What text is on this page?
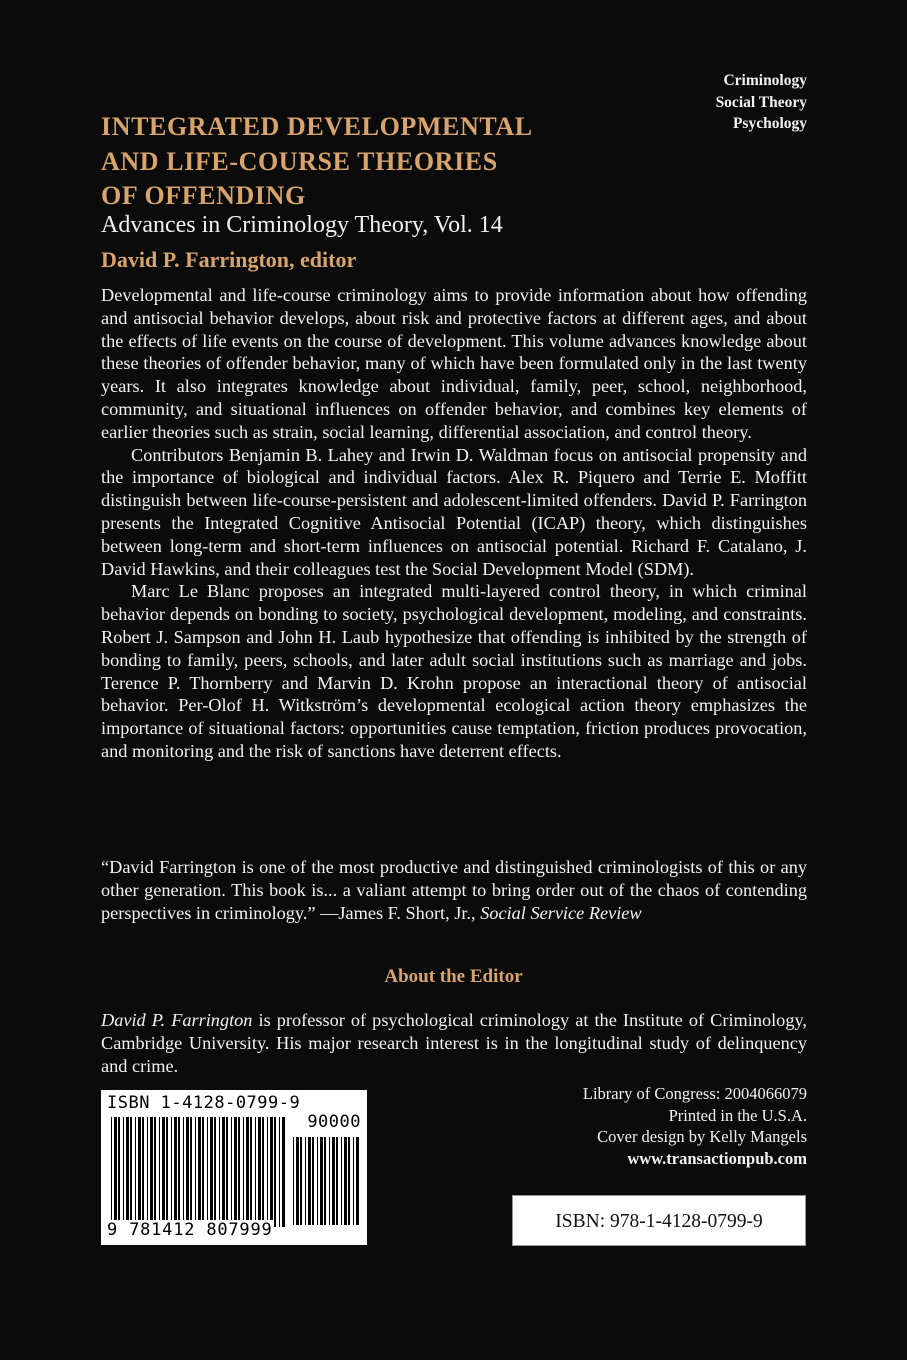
Criminology
Social Theory
Psychology
INTEGRATED DEVELOPMENTAL
AND LIFE-COURSE THEORIES
OF OFFENDING
Advances in Criminology Theory, Vol. 14
David P. Farrington, editor

Developmental and life-course criminology aims to provide information about how offending and antisocial behavior develops, about risk and protective factors at different ages, and about the effects of life events on the course of development. This volume advances knowledge about these theories of offender behavior, many of which have been formulated only in the last twenty years. It also integrates knowledge about individual, family, peer, school, neighborhood, community, and situational influences on offender behavior, and combines key elements of earlier theories such as strain, social learning, differential association, and control theory.

Contributors Benjamin B. Lahey and Irwin D. Waldman focus on antisocial propensity and the importance of biological and individual factors. Alex R. Piquero and Terrie E. Moffitt distinguish between life-course-persistent and adolescent-limited offenders. David P. Farrington presents the Integrated Cognitive Antisocial Potential (ICAP) theory, which distinguishes between long-term and short-term influences on antisocial potential. Richard F. Catalano, J. David Hawkins, and their colleagues test the Social Development Model (SDM).

Marc Le Blanc proposes an integrated multi-layered control theory, in which criminal behavior depends on bonding to society, psychological development, modeling, and constraints. Robert J. Sampson and John H. Laub hypothesize that offending is inhibited by the strength of bonding to family, peers, schools, and later adult social institutions such as marriage and jobs. Terence P. Thornberry and Marvin D. Krohn propose an interactional theory of antisocial behavior. Per-Olof H. Witkström’s developmental ecological action theory emphasizes the importance of situational factors: opportunities cause temptation, friction produces provocation, and monitoring and the risk of sanctions have deterrent effects.

“David Farrington is one of the most productive and distinguished criminologists of this or any other generation. This book is... a valiant attempt to bring order out of the chaos of contending perspectives in criminology.” —James F. Short, Jr., Social Service Review

About the Editor

David P. Farrington is professor of psychological criminology at the Institute of Criminology, Cambridge University. His major research interest is in the longitudinal study of delinquency and crime.

Library of Congress: 2004066079
Printed in the U.S.A.
Cover design by Kelly Mangels
www.transactionpub.com
ISBN 1-4128-0799-9
90000
9 781412 807999	ISBN: 978-1-4128-0799-9
